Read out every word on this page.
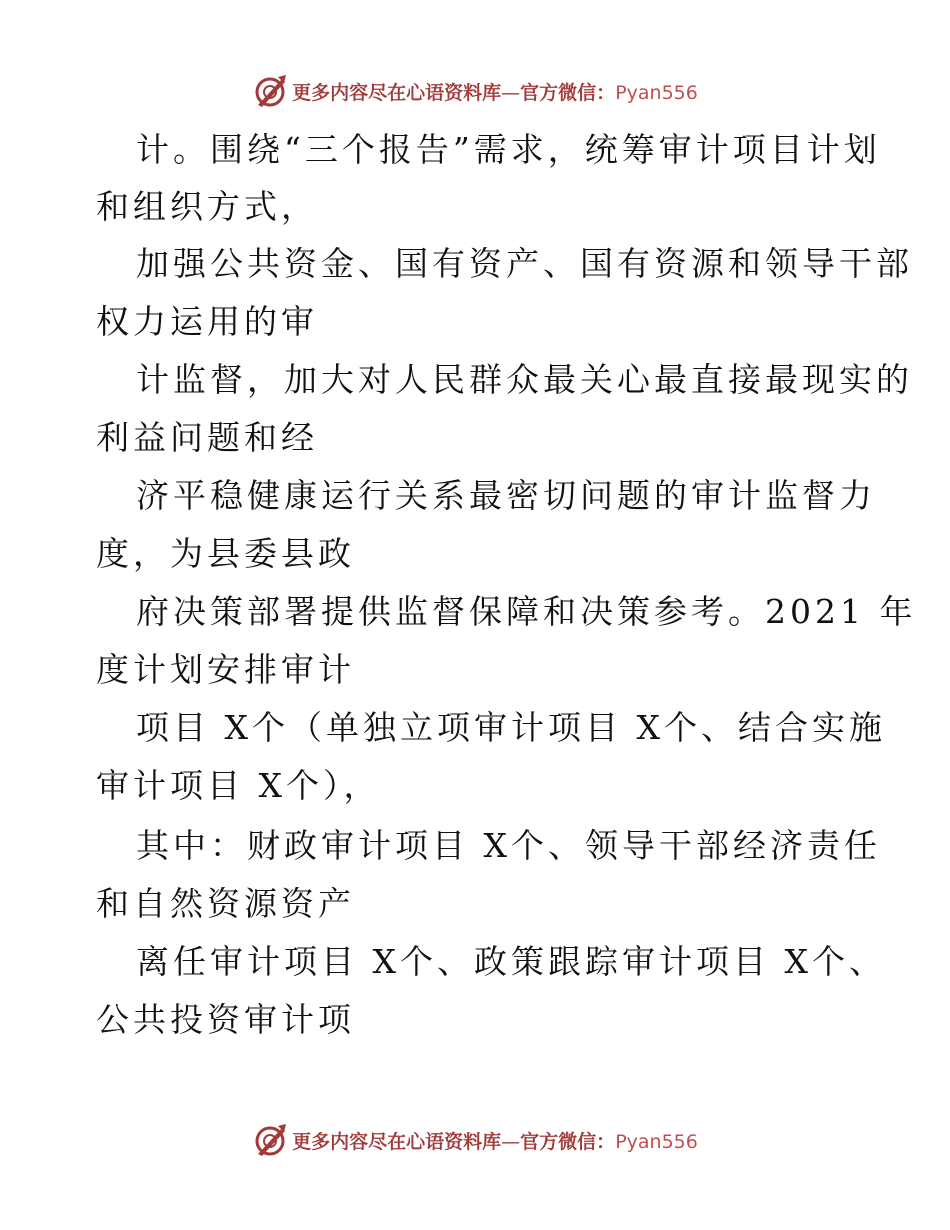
更多内容尽在心语资料库—官方微信：Pyan556
计。围绕“三个报告”需求，统筹审计项目计划
和组织方式，
加强公共资金、国有资产、国有资源和领导干部
权力运用的审
计监督，加大对人民群众最关心最直接最现实的
利益问题和经
济平稳健康运行关系最密切问题的审计监督力
度，为县委县政
府决策部署提供监督保障和决策参考。2021 年
度计划安排审计
项目 X个（单独立项审计项目 X个、结合实施
审计项目 X个），
其中：财政审计项目 X个、领导干部经济责任
和自然资源资产
离任审计项目 X个、政策跟踪审计项目 X个、
公共投资审计项
更多内容尽在心语资料库—官方微信：Pyan556
